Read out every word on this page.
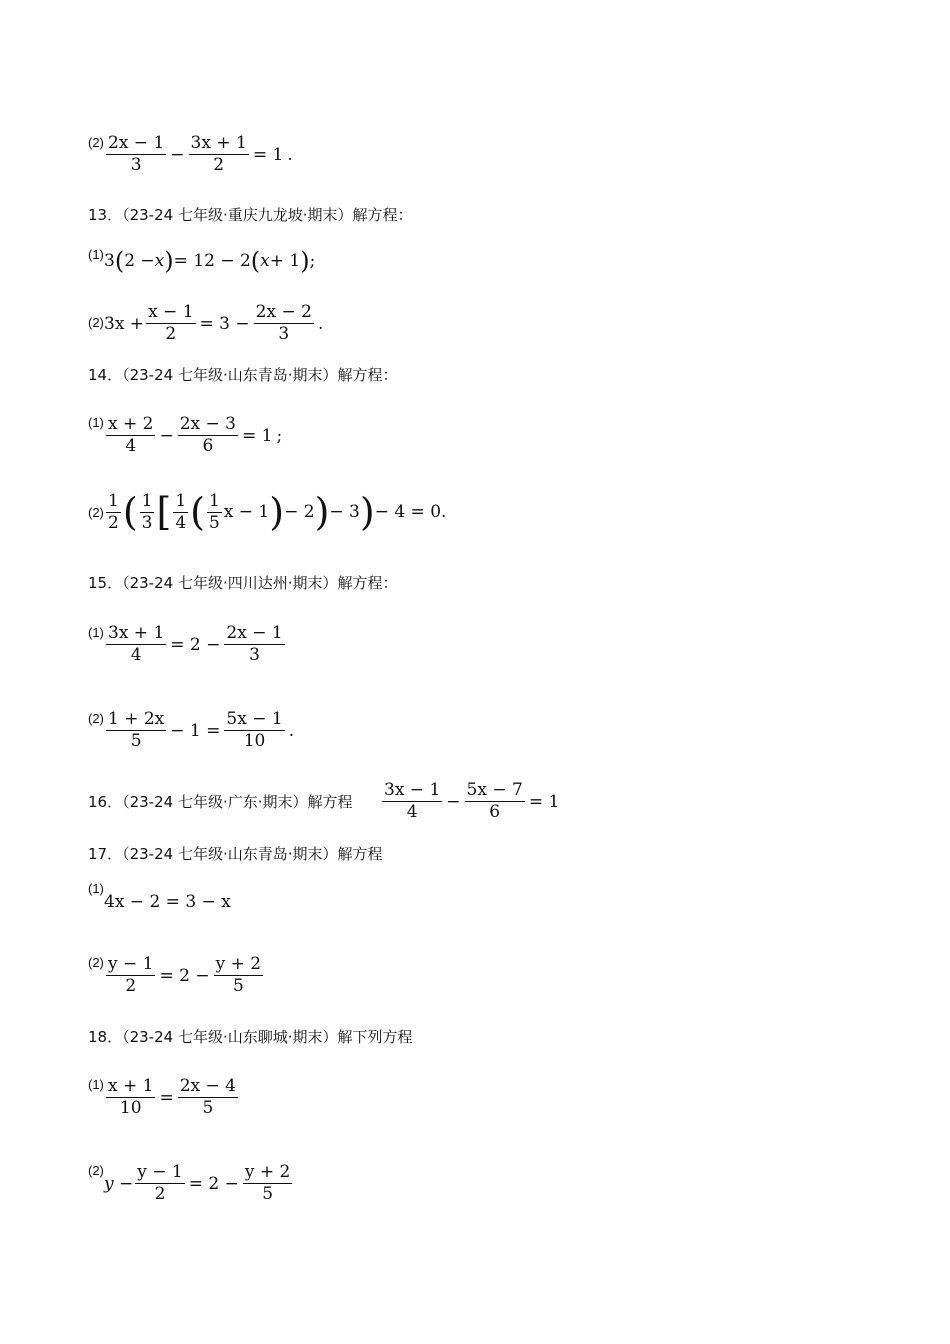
$(2) \frac{2x - 1}{3} - \frac{3x + 1}{2} = 1$ .
13．（23-24 七年级·重庆九龙坡·期末）解方程：
(1) 3(2 −x)= 12 − 2(x+ 1);
(2) $3x + \frac{x - 1}{2} = 3 - \frac{2x - 2}{3}$ .
14．（23-24 七年级·山东青岛·期末）解方程：
$(1) \frac{x + 2}{4} - \frac{2x - 3}{6} = 1$ ;
$(2) \frac{1}{2}$ ( $\frac{1}{3}$ [ $\frac{1}{4}$ ( $\frac{1}{5}$ x − 1)− 2)− 3)− 4 = 0.
15．（23-24 七年级·四川达州·期末）解方程：
$(1) \frac{3x + 1}{4} = 2 - \frac{2x - 1}{3}$
$(2) \frac{1 + 2x}{5} - 1 = \frac{5x - 1}{10}$ .
16．（23-24 七年级·广东·期末）解方程 $\frac{3x - 1}{4} - \frac{5x - 7}{6} = 1$
17．（23-24 七年级·山东青岛·期末）解方程
(1)
4x − 2 = 3 − x
$(2) \frac{y - 1}{2} = 2 - \frac{y + 2}{5}$
18．（23-24 七年级·山东聊城·期末）解下列方程
$(1) \frac{x + 1}{10} = \frac{2x - 4}{5}$
(2)
$y - \frac{y - 1}{2} = 2 - \frac{y + 2}{5}$
